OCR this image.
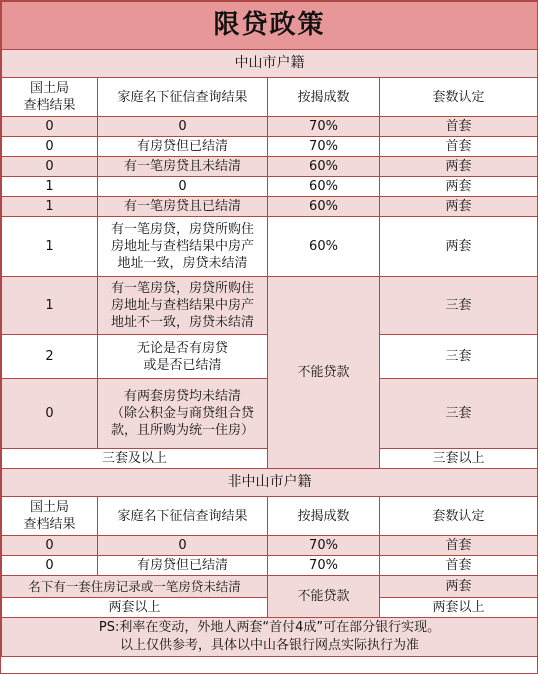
限贷政策			
中山市户籍			
国土局
查档结果	家庭名下征信查询结果	按揭成数	套数认定
0	0	70%	首套
0	有房贷但已结清	70%	首套
0	有一笔房贷且未结清	60%	两套
1	0	60%	两套
1	有一笔房贷且已结清	60%	两套
1	有一笔房贷，房贷所购住
房地址与查档结果中房产
地址一致，房贷未结清	60%	两套
1	有一笔房贷，房贷所购住
房地址与查档结果中房产
地址不一致，房贷未结清	不能贷款	三套
2	无论是否有房贷
或是否已结清		三套
0	有两套房贷均未结清
（除公积金与商贷组合贷
款，且所购为统一住房）		三套
三套及以上			三套以上
非中山市户籍			
国土局
查档结果	家庭名下征信查询结果	按揭成数	套数认定
0	0	70%	首套
0	有房贷但已结清	70%	首套
名下有一套住房记录或一笔房贷未结清		不能贷款	两套
两套以上			两套以上

PS:利率在变动，外地人两套“首付4成”可在部分银行实现。
以上仅供参考，具体以中山各银行网点实际执行为准			
